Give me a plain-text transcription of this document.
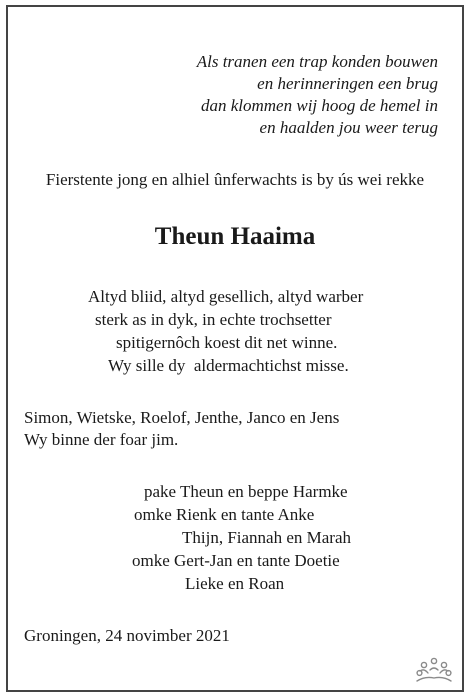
Als tranen een trap konden bouwen
en herinneringen een brug
dan klommen wij hoog de hemel in
en haalden jou weer terug
Fierstente jong en alhiel ûnferwachts is by ús wei rekke
Theun Haaima
Altyd bliid, altyd gesellich, altyd warber
sterk as in dyk, in echte trochsetter
spitigernôch koest dit net winne.
Wy sille dy  aldermachtichst misse.
Simon, Wietske, Roelof, Jenthe, Janco en Jens
Wy binne der foar jim.
pake Theun en beppe Harmke
omke Rienk en tante Anke
Thijn, Fiannah en Marah
omke Gert-Jan en tante Doetie
Lieke en Roan
Groningen, 24 novimber 2021
